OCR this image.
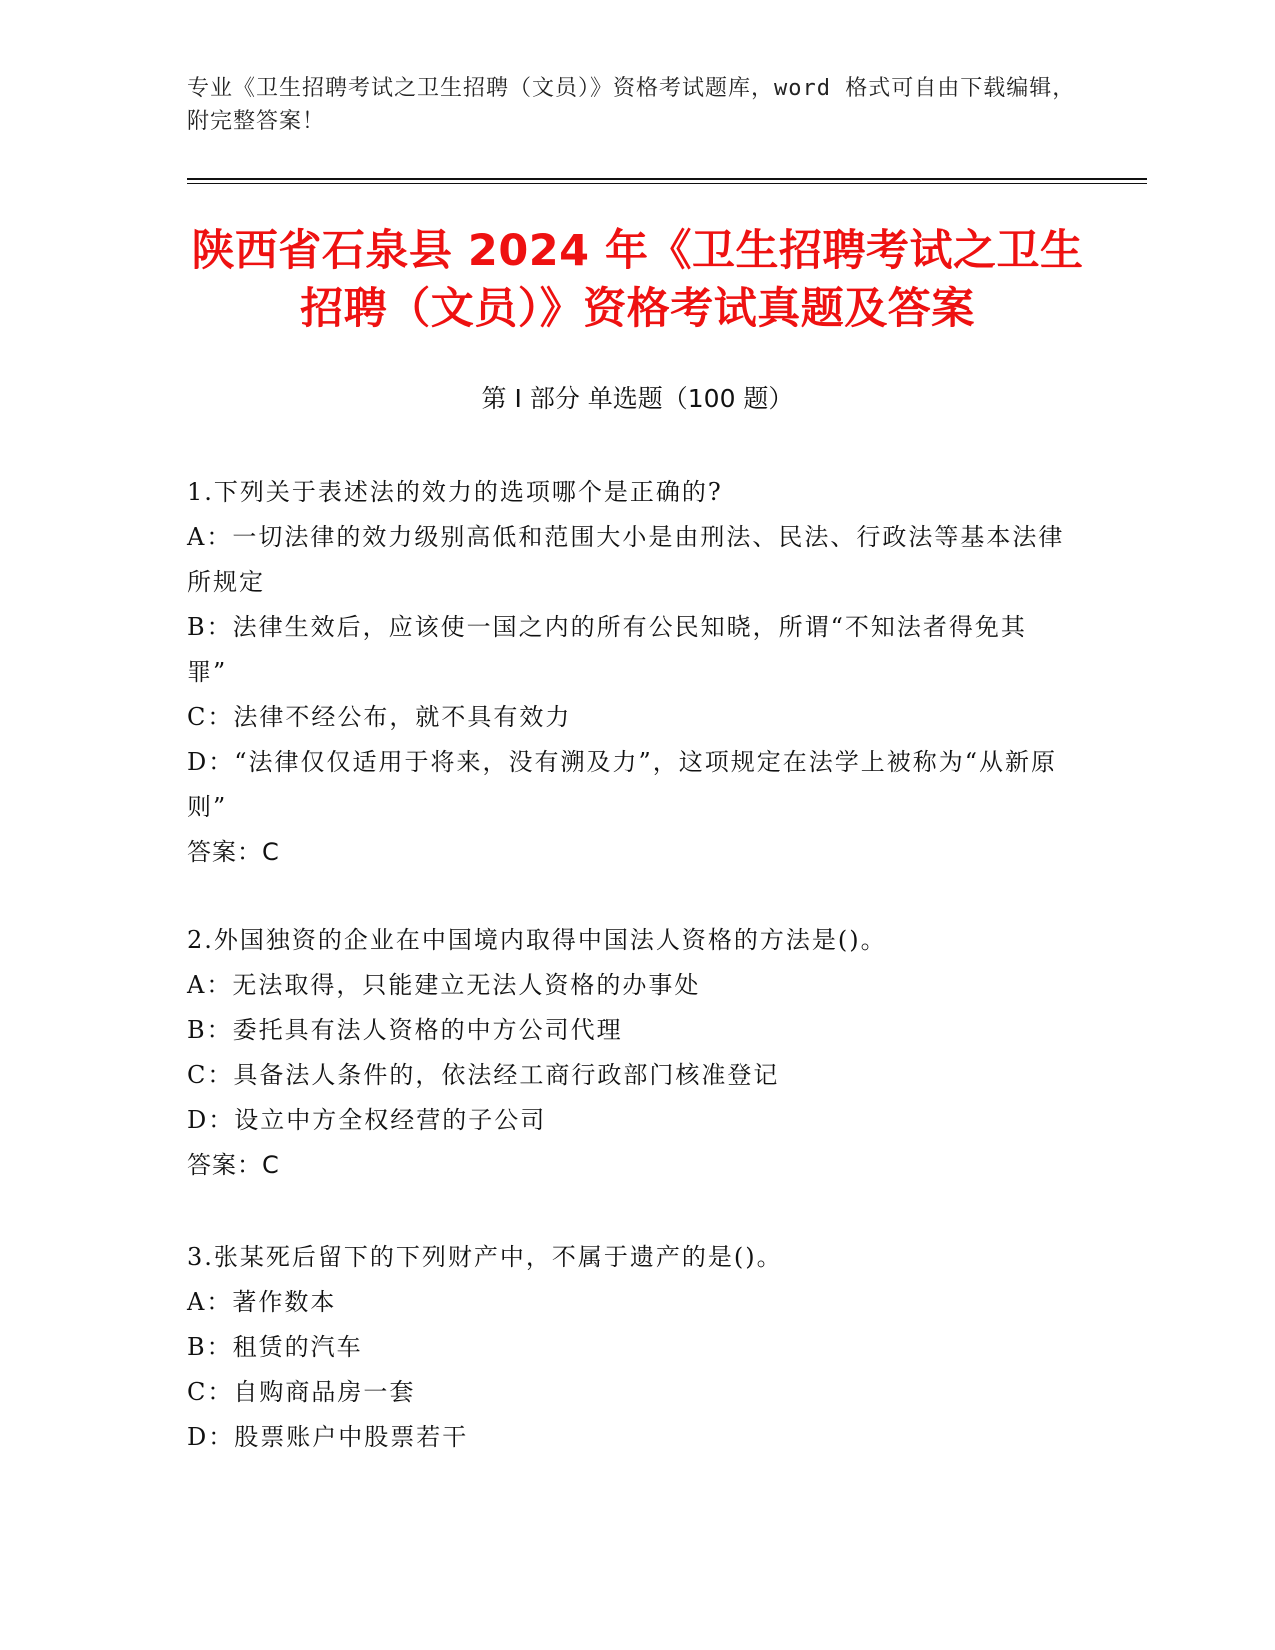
专业《卫生招聘考试之卫生招聘（文员）》资格考试题库，word 格式可自由下载编辑，附完整答案！
陕西省石泉县 2024 年《卫生招聘考试之卫生
招聘（文员）》资格考试真题及答案
第 I 部分 单选题（100 题）
1.下列关于表述法的效力的选项哪个是正确的?
A：一切法律的效力级别高低和范围大小是由刑法、民法、行政法等基本法律所规定
B：法律生效后，应该使一国之内的所有公民知晓，所谓“不知法者得免其罪”
C：法律不经公布，就不具有效力
D：“法律仅仅适用于将来，没有溯及力”，这项规定在法学上被称为“从新原则”
答案：C
2.外国独资的企业在中国境内取得中国法人资格的方法是()。
A：无法取得，只能建立无法人资格的办事处
B：委托具有法人资格的中方公司代理
C：具备法人条件的，依法经工商行政部门核准登记
D：设立中方全权经营的子公司
答案：C
3.张某死后留下的下列财产中，不属于遗产的是()。
A：著作数本
B：租赁的汽车
C：自购商品房一套
D：股票账户中股票若干
